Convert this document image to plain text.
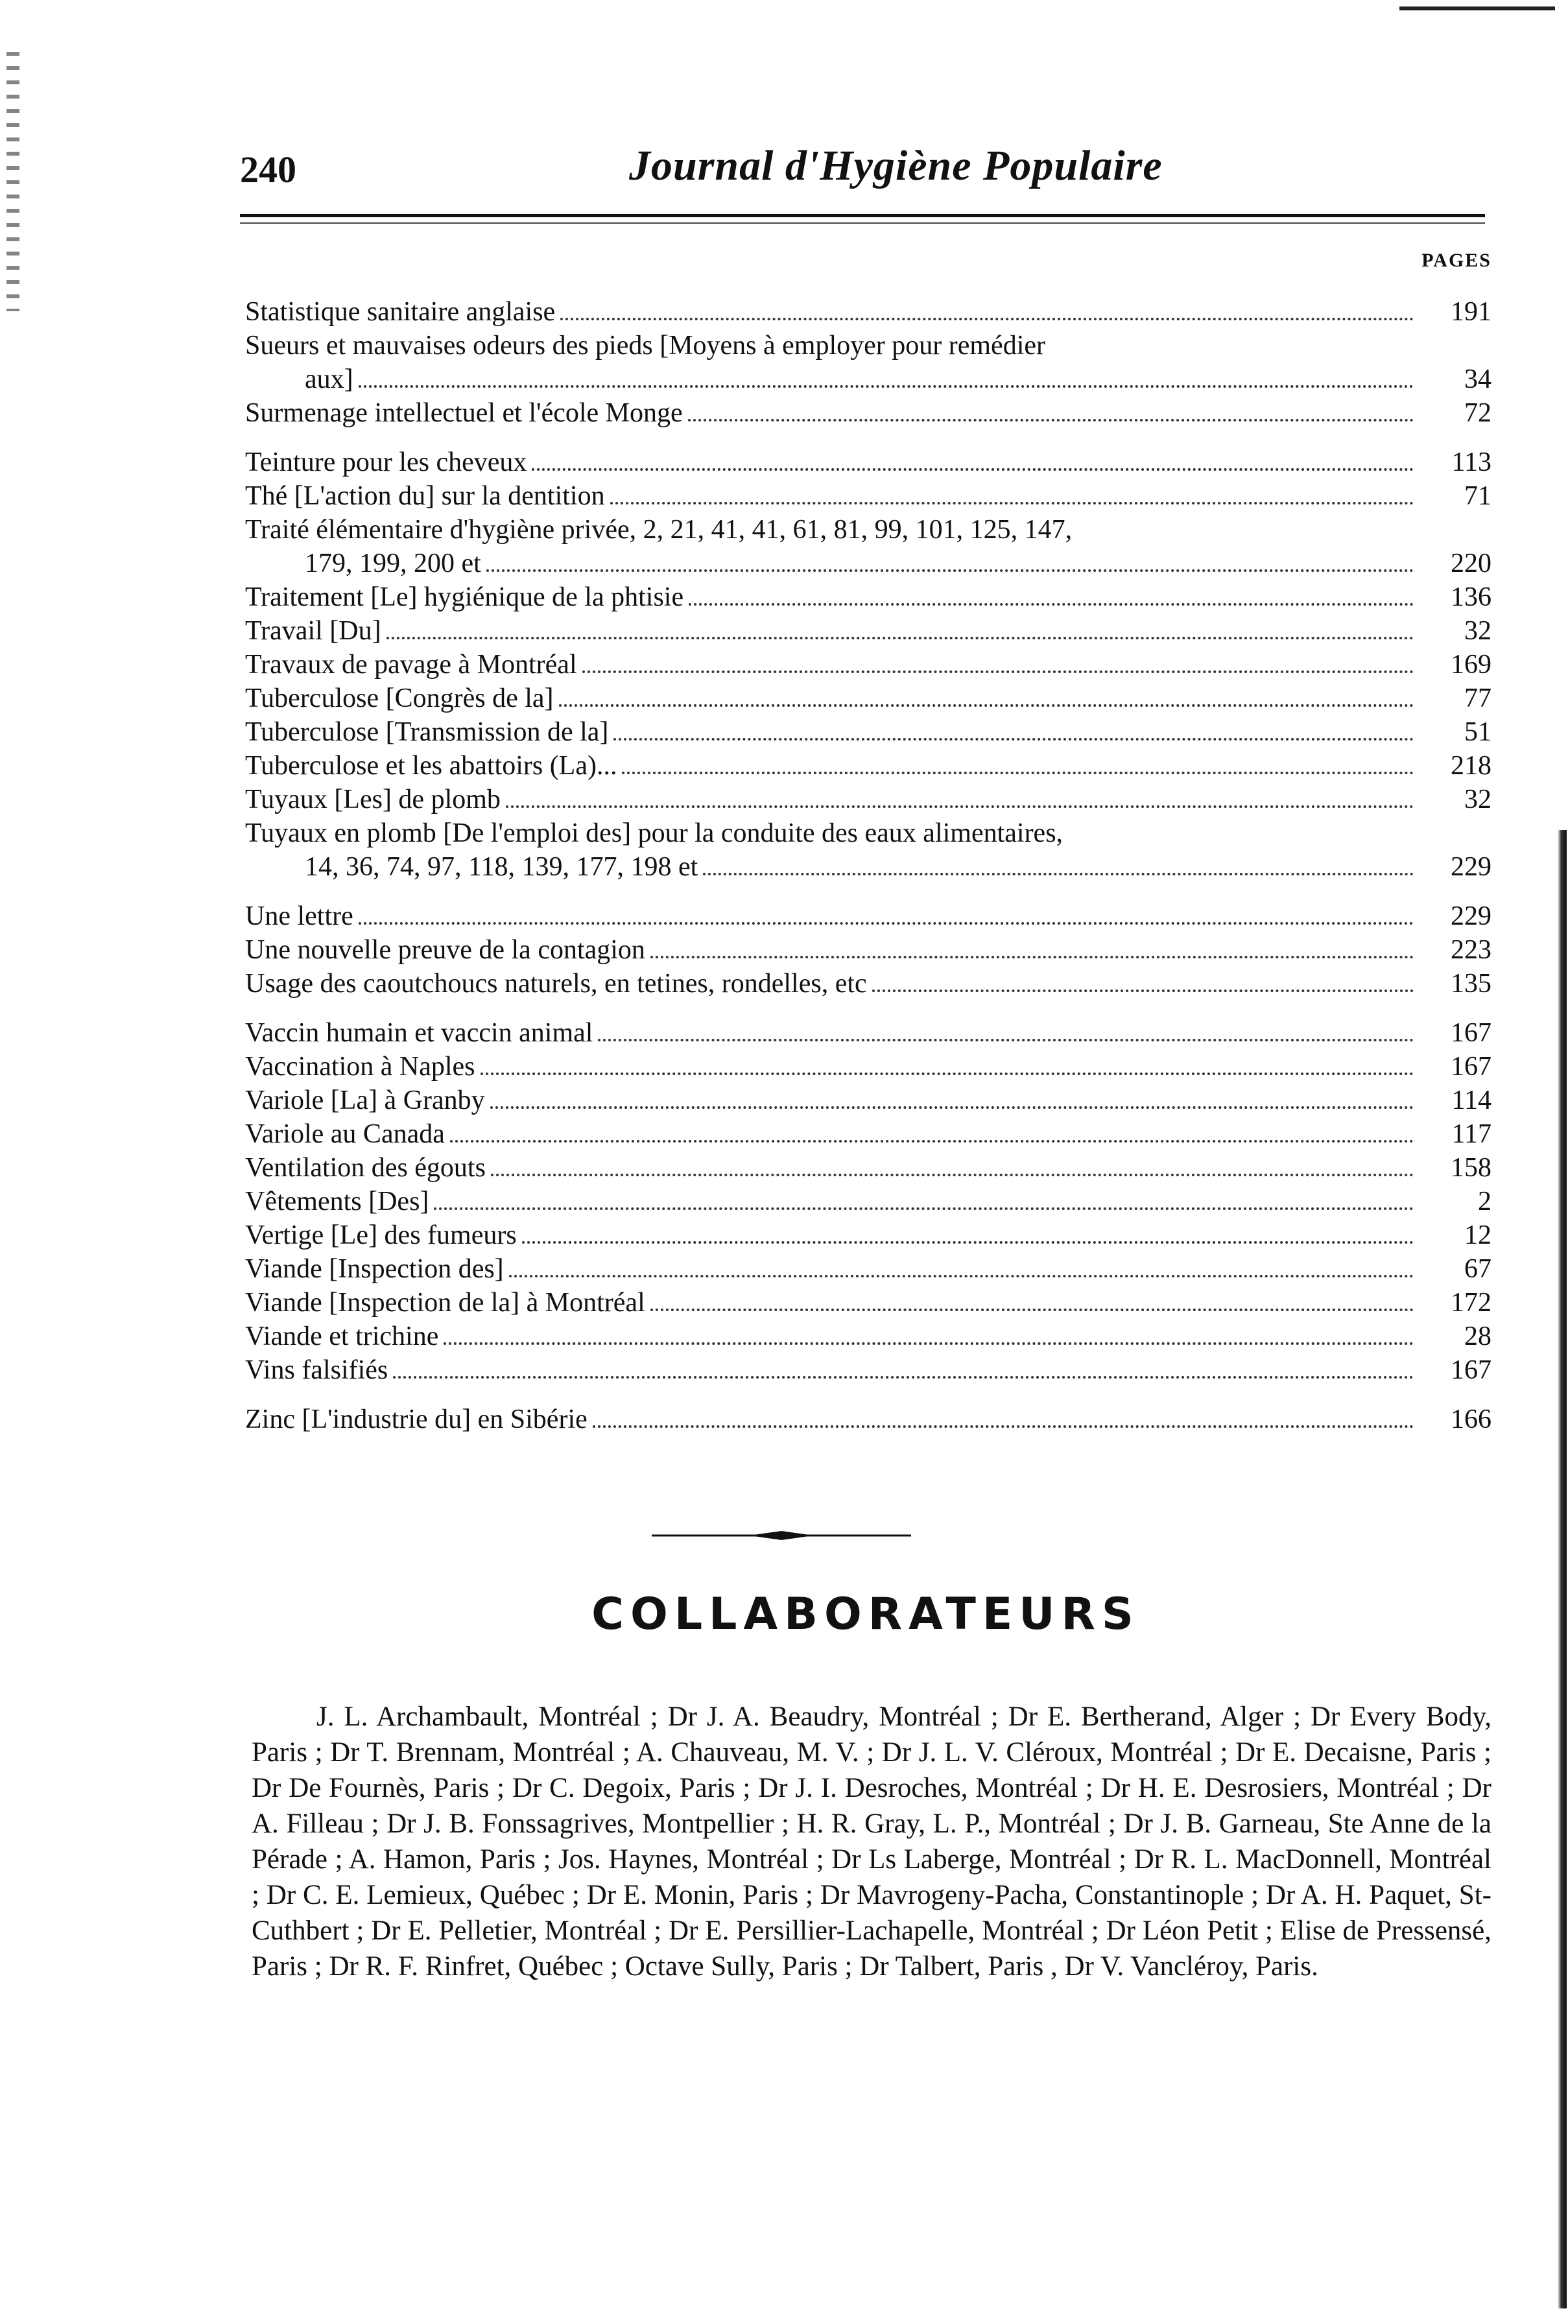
240	Journal d'Hygiène Populaire
PAGES
Statistique sanitaire anglaise	191
Sueurs et mauvaises odeurs des pieds [Moyens à employer pour remédier
aux]	34
Surmenage intellectuel et l'école Monge	72
Teinture pour les cheveux	113
Thé [L'action du] sur la dentition	71
Traité élémentaire d'hygiène privée, 2, 21, 41, 41, 61, 81, 99, 101, 125, 147,
179, 199, 200 et	220
Traitement [Le] hygiénique de la phtisie	136
Travail [Du]	32
Travaux de pavage à Montréal	169
Tuberculose [Congrès de la]	77
Tuberculose [Transmission de la]	51
Tuberculose et les abattoirs (La)...	218
Tuyaux [Les] de plomb	32
Tuyaux en plomb [De l'emploi des] pour la conduite des eaux alimentaires,
14, 36, 74, 97, 118, 139, 177, 198 et	229
Une lettre	229
Une nouvelle preuve de la contagion	223
Usage des caoutchoucs naturels, en tetines, rondelles, etc	135
Vaccin humain et vaccin animal	167
Vaccination à Naples	167
Variole [La] à Granby	114
Variole au Canada	117
Ventilation des égouts	158
Vêtements [Des]	2
Vertige [Le] des fumeurs	12
Viande [Inspection des]	67
Viande [Inspection de la] à Montréal	172
Viande et trichine	28
Vins falsifiés	167
Zinc [L'industrie du] en Sibérie	166
COLLABORATEURS
J. L. Archambault, Montréal ; Dr J. A. Beaudry, Montréal ; Dr E. Bertherand, Alger ; Dr Every Body, Paris ; Dr T. Brennam, Montréal ; A. Chauveau, M. V. ; Dr J. L. V. Cléroux, Montréal ; Dr E. Decaisne, Paris ; Dr De Fournès, Paris ; Dr C. Degoix, Paris ; Dr J. I. Desroches, Montréal ; Dr H. E. Desrosiers, Montréal ; Dr A. Filleau ; Dr J. B. Fonssagrives, Montpellier ; H. R. Gray, L. P., Montréal ; Dr J. B. Garneau, Ste Anne de la Pérade ; A. Hamon, Paris ; Jos. Haynes, Montréal ; Dr Ls Laberge, Montréal ; Dr R. L. MacDonnell, Montréal ; Dr C. E. Lemieux, Québec ; Dr E. Monin, Paris ; Dr Mavrogeny-Pacha, Constantinople ; Dr A. H. Paquet, St-Cuthbert ; Dr E. Pelletier, Montréal ; Dr E. Persillier-Lachapelle, Montréal ; Dr Léon Petit ; Elise de Pressensé, Paris ; Dr R. F. Rinfret, Québec ; Octave Sully, Paris ; Dr Talbert, Paris , Dr V. Vancléroy, Paris.
